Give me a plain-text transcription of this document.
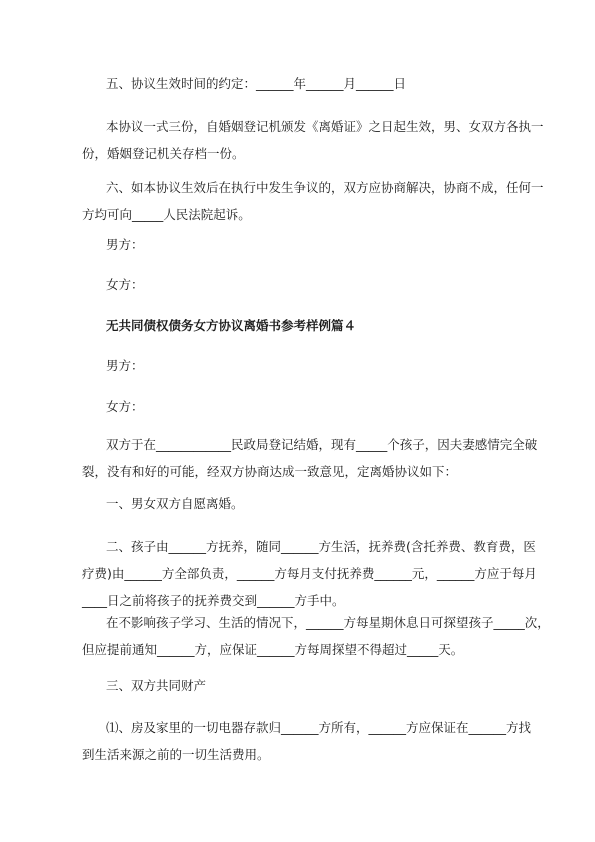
五、协议生效时间的约定：______年______月______日
本协议一式三份，自婚姻登记机颁发《离婚证》之日起生效，男、女双方各执一
份，婚姻登记机关存档一份。
六、如本协议生效后在执行中发生争议的，双方应协商解决，协商不成，任何一
方均可向_____人民法院起诉。
男方：
女方：
无共同债权债务女方协议离婚书参考样例篇４
男方：
女方：
双方于在____________民政局登记结婚，现有_____个孩子，因夫妻感情完全破
裂，没有和好的可能，经双方协商达成一致意见，定离婚协议如下：
一、男女双方自愿离婚。
二、孩子由______方抚养，随同______方生活，抚养费(含托养费、教育费，医
疗费)由______方全部负责，______方每月支付抚养费______元，______方应于每月
____日之前将孩子的抚养费交到______方手中。
在不影响孩子学习、生活的情况下，______方每星期休息日可探望孩子_____次，
但应提前通知______方，应保证______方每周探望不得超过_____天。
三、双方共同财产
⑴、房及家里的一切电器存款归______方所有，______方应保证在______方找
到生活来源之前的一切生活费用。
